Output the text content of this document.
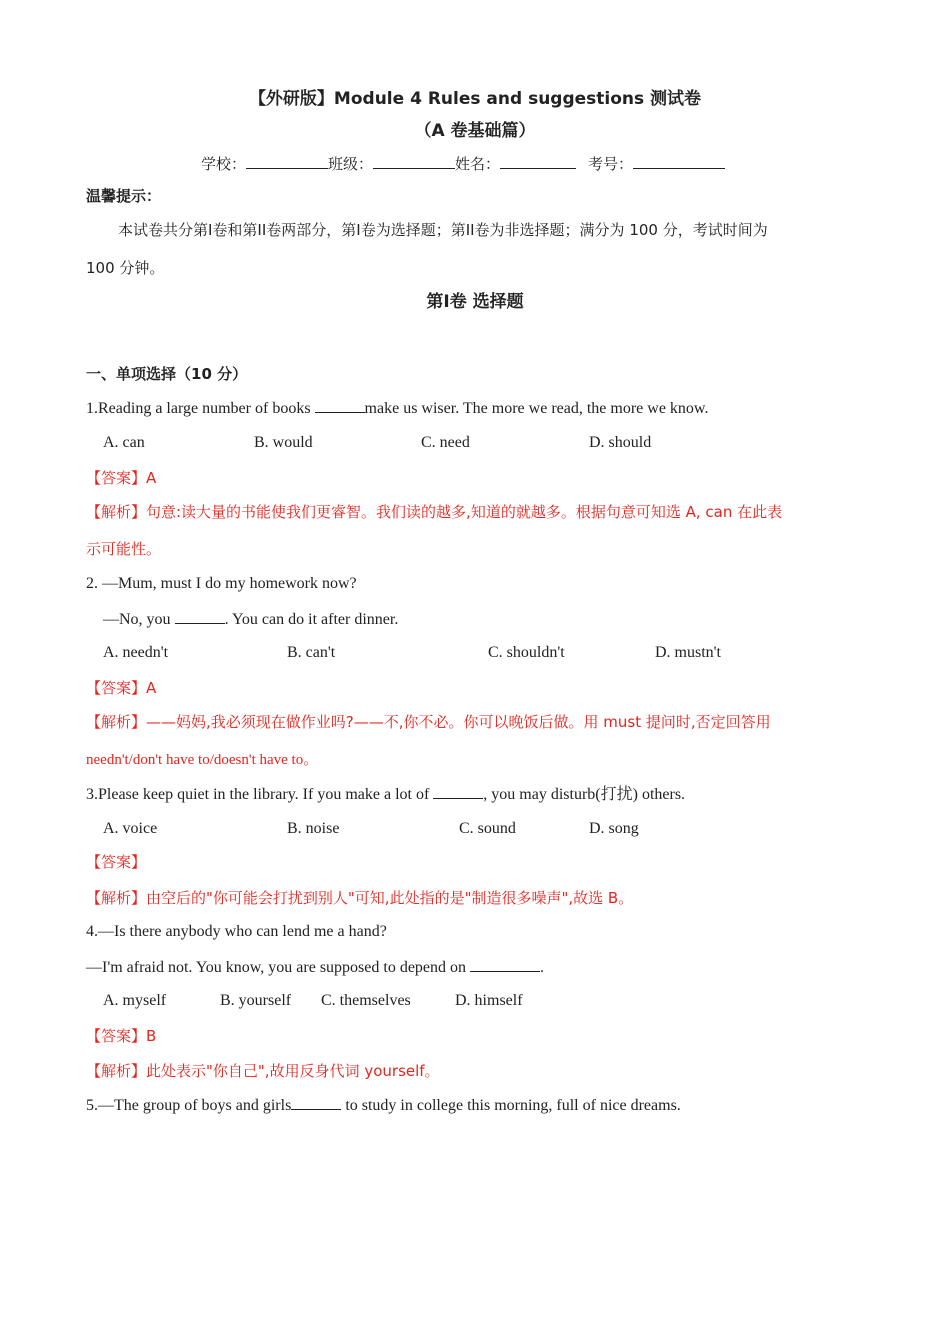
【外研版】Module 4 Rules and suggestions 测试卷
（A 卷基础篇）
学校：	班级：	姓名：	考号：
温馨提示：
本试卷共分第I卷和第II卷两部分，第I卷为选择题；第II卷为非选择题；满分为 100 分，考试时间为
100 分钟。
第I卷 选择题
一、单项选择（10 分）
1.Reading a large number of books	make us wiser. The more we read, the more we know.
A. can	B. would	C. need	D. should
【答案】A
【解析】句意:读大量的书能使我们更睿智。我们读的越多,知道的就越多。根据句意可知选 A, can 在此表
示可能性。
2. —Mum, must I do my homework now?
—No, you	. You can do it after dinner.
A. needn't	B. can't	C. shouldn't	D. mustn't
【答案】A
【解析】——妈妈,我必须现在做作业吗?——不,你不必。你可以晚饭后做。用 must 提问时,否定回答用
needn't/don't have to/doesn't have to。
3.Please keep quiet in the library. If you make a lot of	, you may disturb(打扰) others.
A. voice	B. noise	C. sound	D. song
【答案】
【解析】由空后的"你可能会打扰到别人"可知,此处指的是"制造很多噪声",故选 B。
4.—Is there anybody who can lend me a hand?
—I'm afraid not. You know, you are supposed to depend on	.
A. myself	B. yourself C. themselves	D. himself
【答案】B
【解析】此处表示"你自己",故用反身代词 yourself。
5.—The group of boys and girls	to study in college this morning, full of nice dreams.
